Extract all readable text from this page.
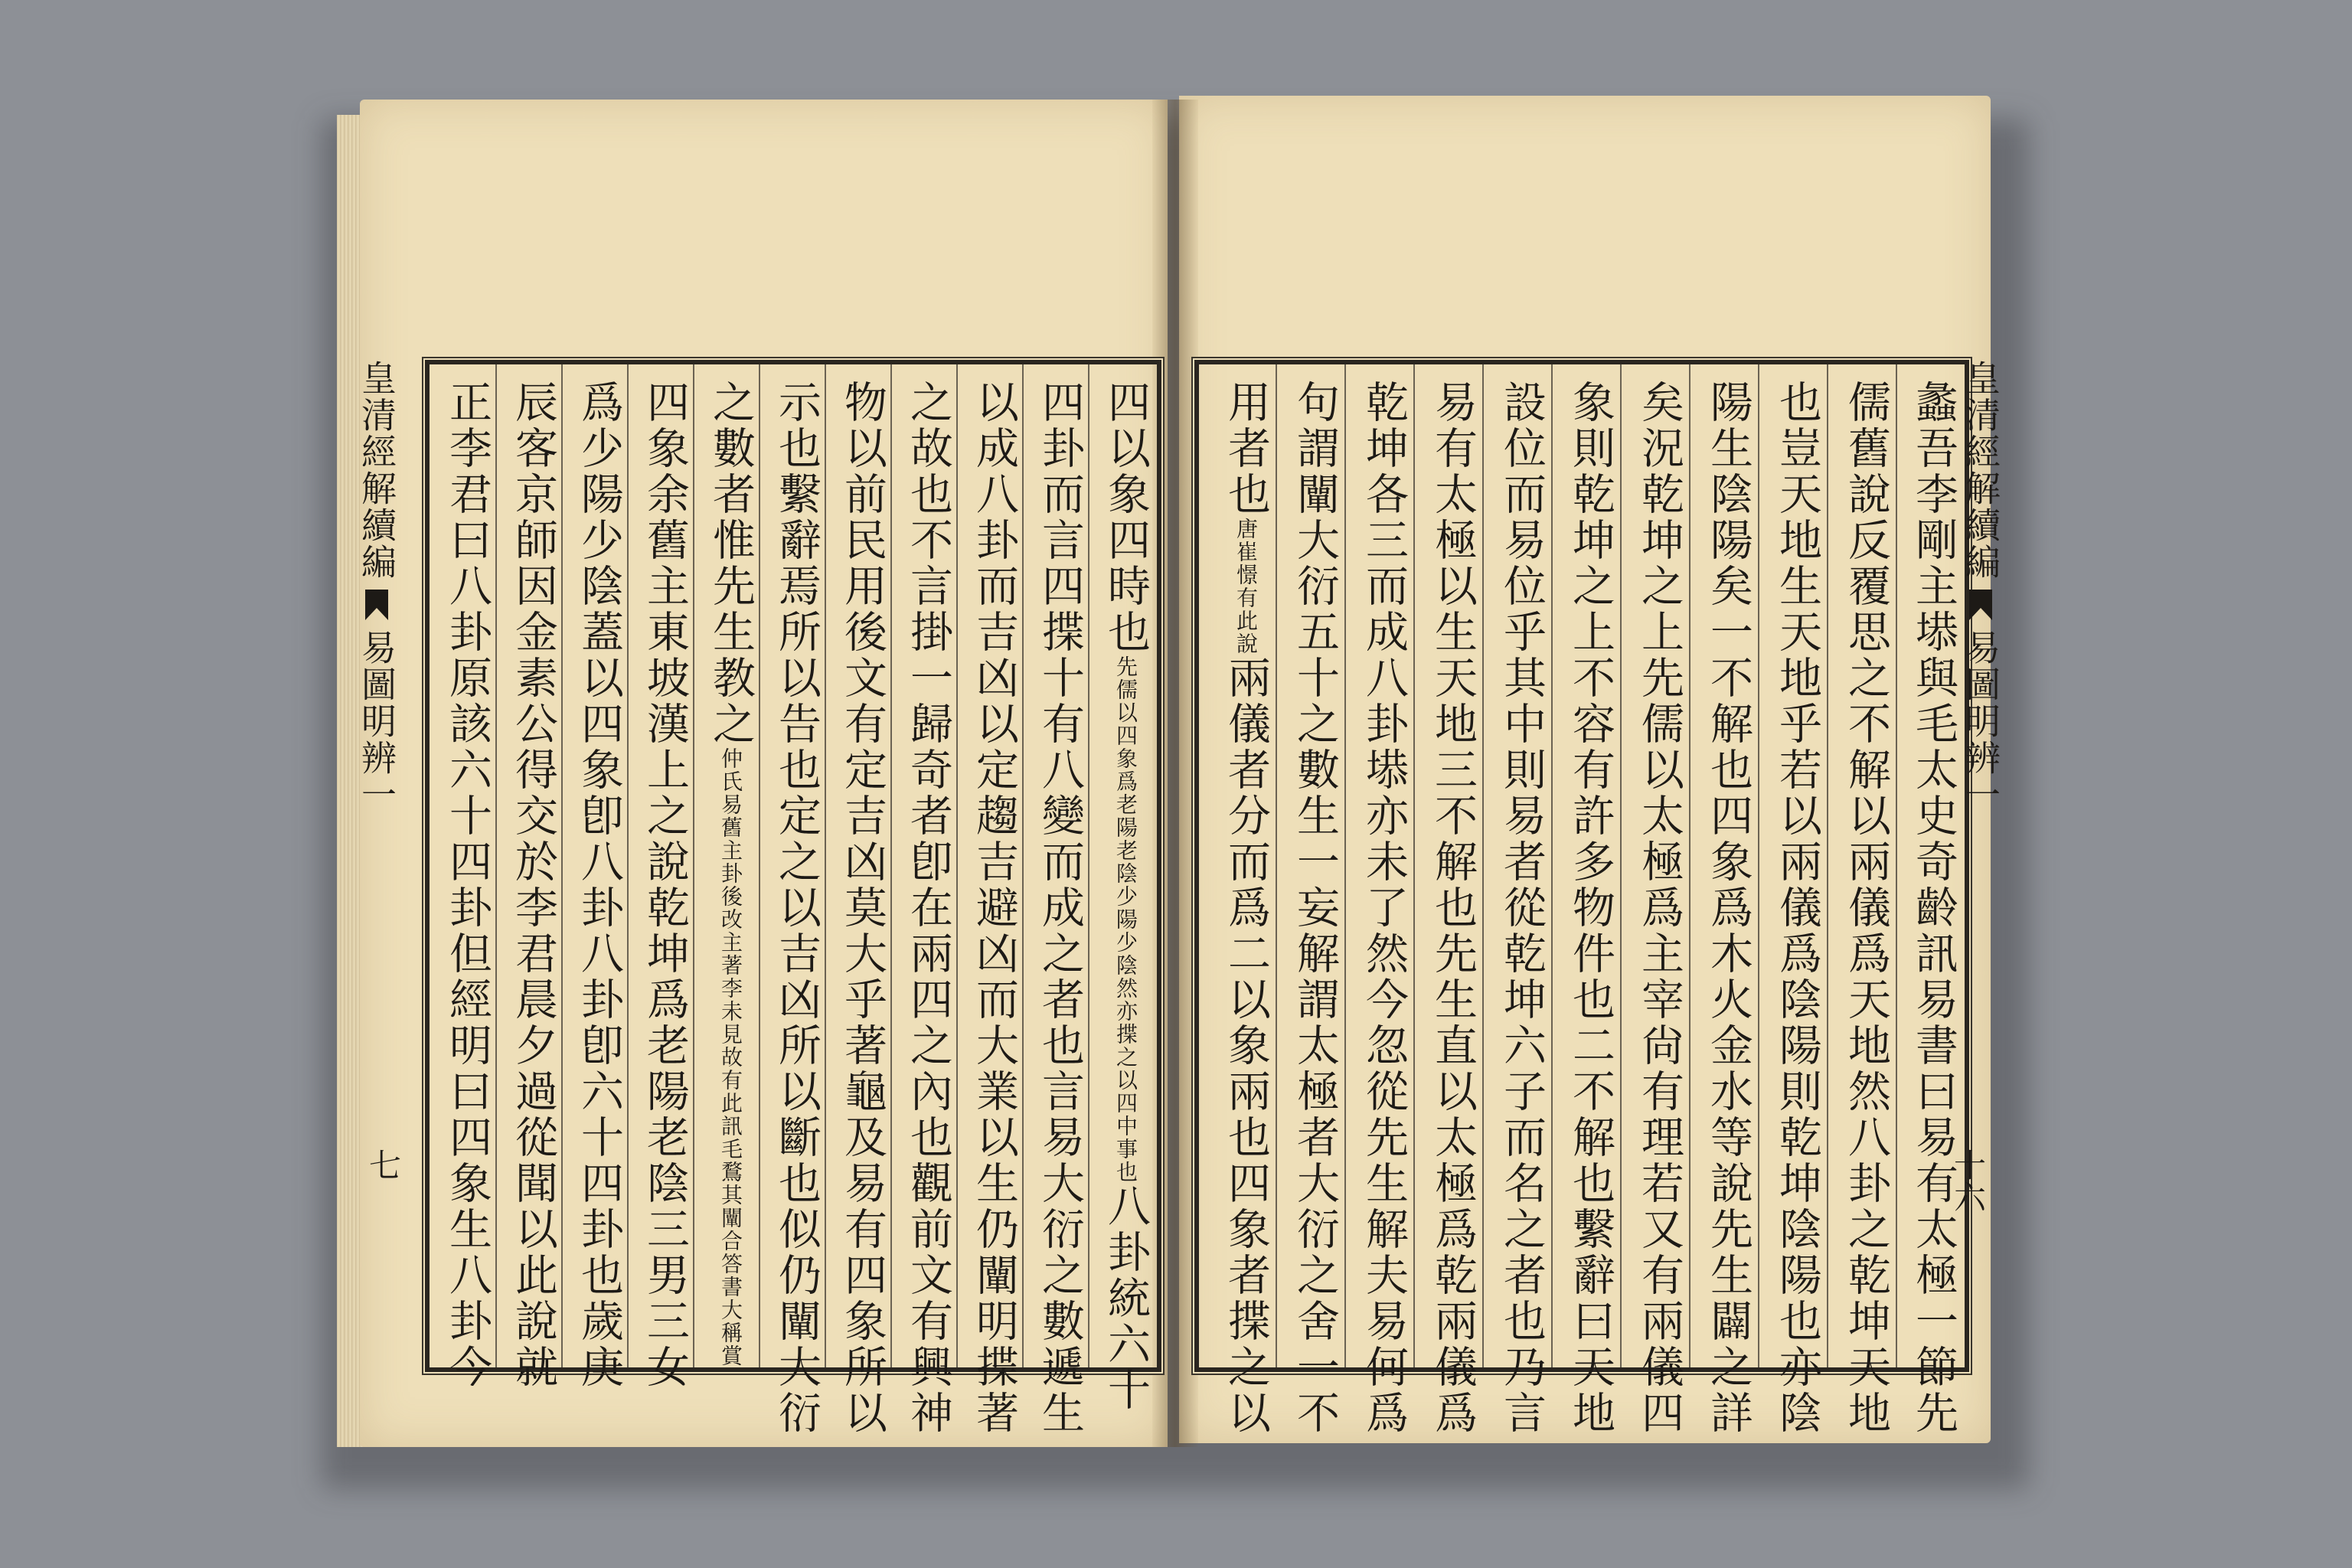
四以象四時也先儒以四象爲老陽老陰少陽少陰然亦揲之以四中事也八卦統六十
四卦而言四揲十有八變而成之者也言易大衍之數遞生
以成八卦而吉凶以定趨吉避凶而大業以生仍闡明揲著
之故也不言掛一歸奇者卽在兩四之內也觀前文有興神
物以前民用後文有定吉凶莫大乎著龜及易有四象所以
示也繫辭焉所以告也定之以吉凶所以斷也似仍闡大衍
之數者惟先生教之仲氏易舊主卦後改主著李未見故有此訊毛鶩其闡合答書大稱賞
四象余舊主東坡漢上之說乾坤爲老陽老陰三男三女
爲少陽少陰蓋以四象卽八卦八卦卽六十四卦也歲庚
辰客京師因金素公得交於李君晨夕過從聞以此說就
正李君曰八卦原該六十四卦但經明曰四象生八卦今
皇清經解續編易圖明辨一
七	蠡吾李剛主塨與毛太史奇齡訊易書曰易有太極一節先
儒舊說反覆思之不解以兩儀爲天地然八卦之乾坤天地
也豈天地生天地乎若以兩儀爲陰陽則乾坤陰陽也亦陰
陽生陰陽矣一不解也四象爲木火金水等說先生闢之詳
矣況乾坤之上先儒以太極爲主宰尙有理若又有兩儀四
象則乾坤之上不容有許多物件也二不解也繫辭曰天地
設位而易位乎其中則易者從乾坤六子而名之者也乃言
易有太極以生天地三不解也先生直以太極爲乾兩儀爲
乾坤各三而成八卦塨亦未了然今忽從先生解夫易何爲
句謂闡大衍五十之數生一妄解謂太極者大衍之舍一不
用者也唐崔憬有此說兩儀者分而爲二以象兩也四象者揲之以
皇清經解續編易圖明辨一
十六
